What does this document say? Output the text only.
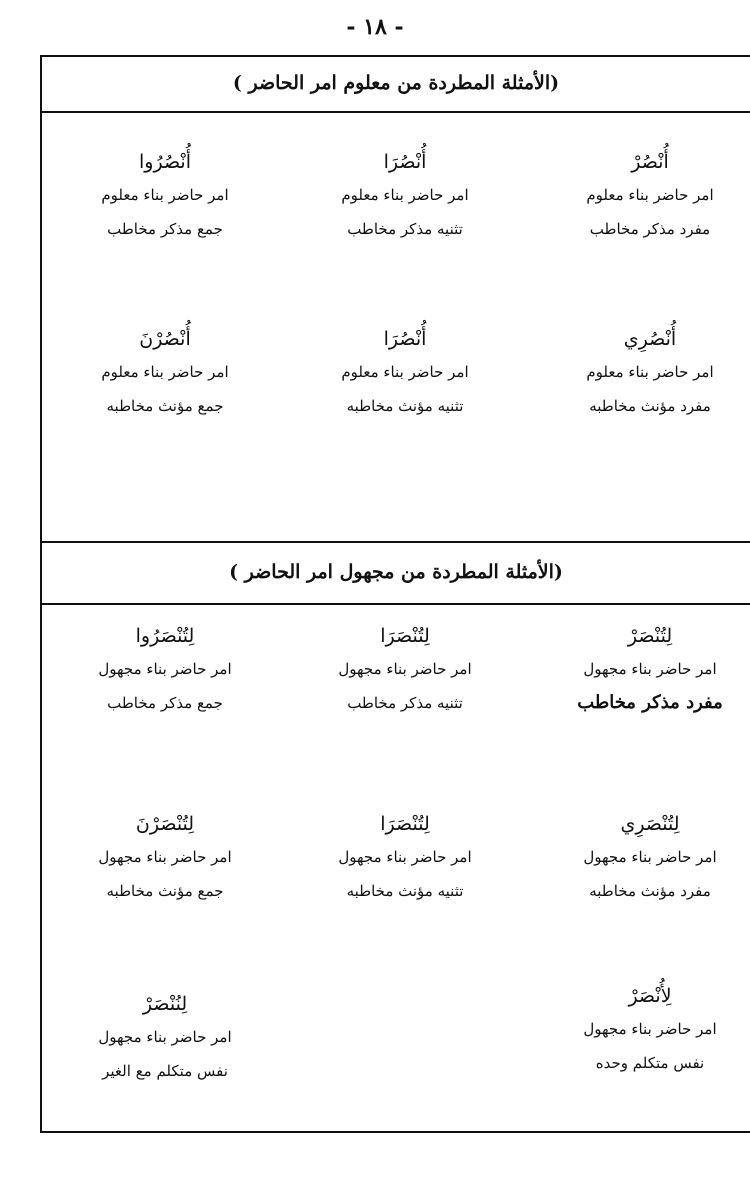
- ١٨ -
(الأمثلة المطردة من معلوم امر الحاضر )
(الأمثلة المطردة من مجهول امر الحاضر )
أُنْصُرْ
امر حاضر بناء معلوم
مفرد مذكر مخاطب
أُنْصُرَا
امر حاضر بناء معلوم
تثنيه مذكر مخاطب
أُنْصُرُوا
امر حاضر بناء معلوم
جمع مذكر مخاطب
أُنْصُرِي
امر حاضر بناء معلوم
مفرد مؤنث مخاطبه
أُنْصُرَا
امر حاضر بناء معلوم
تثنيه مؤنث مخاطبه
أُنْصُرْنَ
امر حاضر بناء معلوم
جمع مؤنث مخاطبه
لِتُنْصَرْ
امر حاضر بناء مجهول
مفرد مذكر مخاطب
لِتُنْصَرَا
امر حاضر بناء مجهول
تثنيه مذكر مخاطب
لِتُنْصَرُوا
امر حاضر بناء مجهول
جمع مذكر مخاطب
لِتُنْصَرِي
امر حاضر بناء مجهول
مفرد مؤنث مخاطبه
لِتُنْصَرَا
امر حاضر بناء مجهول
تثنيه مؤنث مخاطبه
لِتُنْصَرْنَ
امر حاضر بناء مجهول
جمع مؤنث مخاطبه
لِأُنْصَرْ
امر حاضر بناء مجهول
نفس متكلم وحده
لِنُنْصَرْ
امر حاضر بناء مجهول
نفس متكلم مع الغير
